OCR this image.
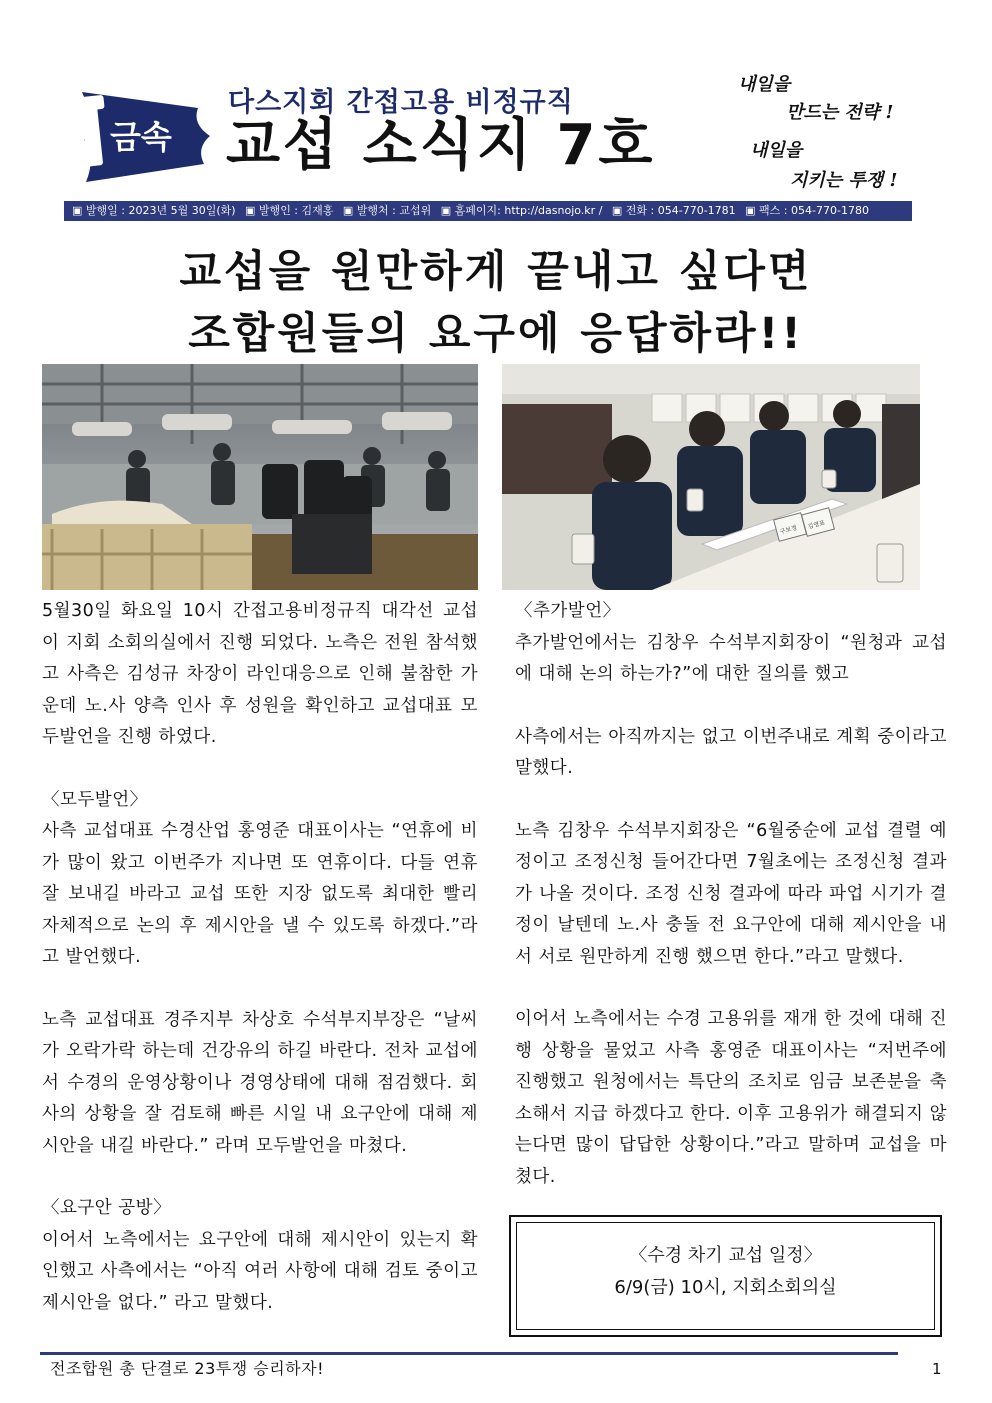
금속
다스지회 간접고용 비정규직
교섭 소식지 7호
내일을
만드는 전략 !
내일을
지키는 투쟁 !
▣ 발행일 : 2023년 5월 30일(화) ▣ 발행인 : 김재홍 ▣ 발행처 : 교섭위 ▣ 홈페이지: http://dasnojo.kr / ▣ 전화 : 054-770-1781 ▣ 팩스 : 054-770-1780
교섭을 원만하게 끝내고 싶다면
조합원들의 요구에 응답하라!!
구보정 김영표

5월30일 화요일 10시 간접고용비정규직 대각선 교섭이 지회 소회의실에서 진행 되었다. 노측은 전원 참석했고 사측은 김성규 차장이 라인대응으로 인해 불참한 가운데 노.사 양측 인사 후 성원을 확인하고 교섭대표 모두발언을 진행 하였다.

〈모두발언〉

사측 교섭대표 수경산업 홍영준 대표이사는 “연휴에 비가 많이 왔고 이번주가 지나면 또 연휴이다. 다들 연휴 잘 보내길 바라고 교섭 또한 지장 없도록 최대한 빨리 자체적으로 논의 후 제시안을 낼 수 있도록 하겠다.”라고 발언했다.

노측 교섭대표 경주지부 차상호 수석부지부장은 “날씨가 오락가락 하는데 건강유의 하길 바란다. 전차 교섭에서 수경의 운영상황이나 경영상태에 대해 점검했다. 회사의 상황을 잘 검토해 빠른 시일 내 요구안에 대해 제시안을 내길 바란다.” 라며 모두발언을 마쳤다.

〈요구안 공방〉

이어서 노측에서는 요구안에 대해 제시안이 있는지 확인했고 사측에서는 “아직 여러 사항에 대해 검토 중이고 제시안을 없다.” 라고 말했다.

〈추가발언〉

추가발언에서는 김창우 수석부지회장이 “원청과 교섭에 대해 논의 하는가?”에 대한 질의를 했고

사측에서는 아직까지는 없고 이번주내로 계획 중이라고 말했다.

노측 김창우 수석부지회장은 “6월중순에 교섭 결렬 예정이고 조정신청 들어간다면 7월초에는 조정신청 결과가 나올 것이다. 조정 신청 결과에 따라 파업 시기가 결정이 날텐데 노.사 충돌 전 요구안에 대해 제시안을 내서 서로 원만하게 진행 했으면 한다.”라고 말했다.

이어서 노측에서는 수경 고용위를 재개 한 것에 대해 진행 상황을 물었고 사측 홍영준 대표이사는 “저번주에 진행했고 원청에서는 특단의 조치로 임금 보존분을 축소해서 지급 하겠다고 한다. 이후 고용위가 해결되지 않는다면 많이 답답한 상황이다.”라고 말하며 교섭을 마쳤다.

〈수경 차기 교섭 일정〉
6/9(금) 10시, 지회소회의실
전조합원 총 단결로 23투쟁 승리하자!	1
